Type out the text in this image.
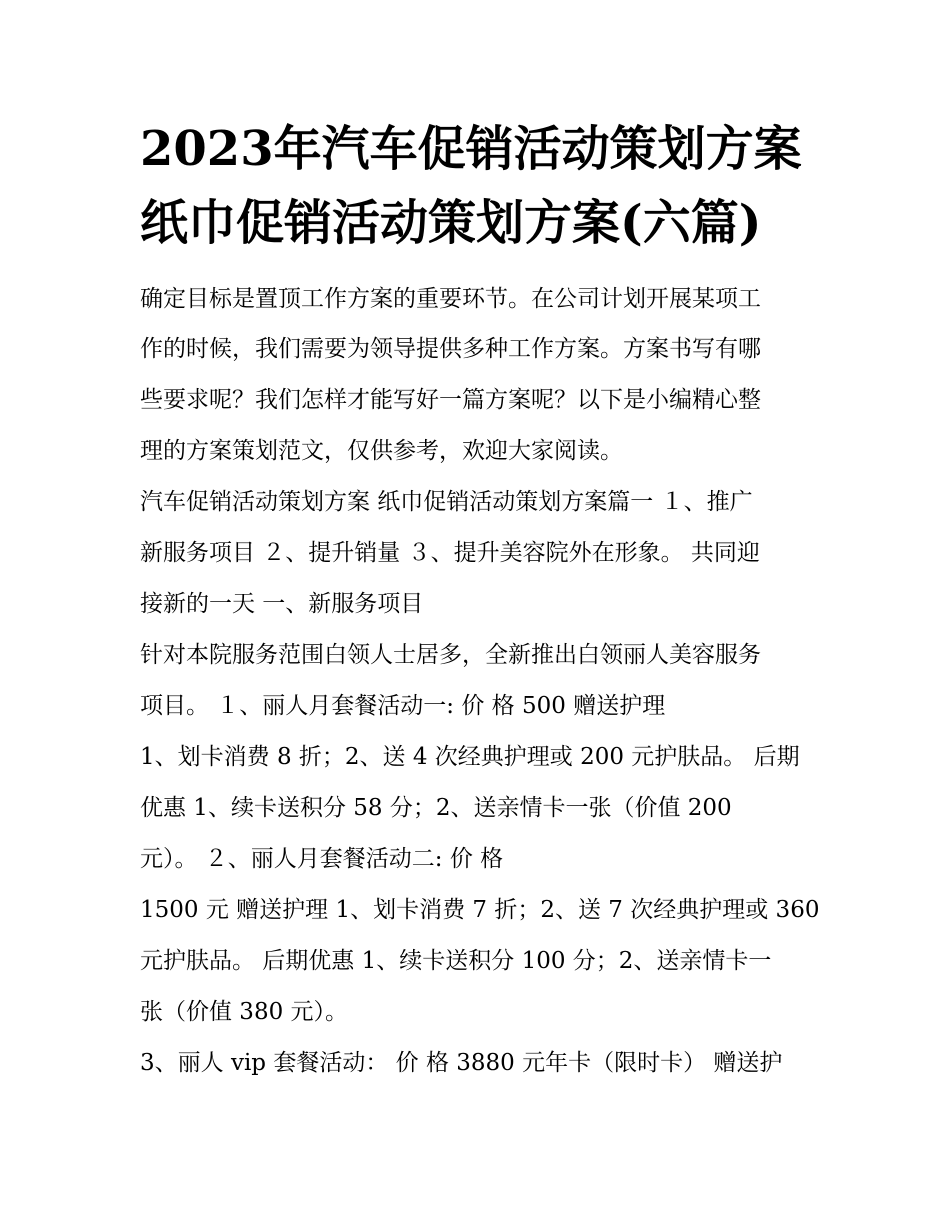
2023年汽车促销活动策划方案
纸巾促销活动策划方案(六篇)

确定目标是置顶工作方案的重要环节。在公司计划开展某项工

作的时候，我们需要为领导提供多种工作方案。方案书写有哪

些要求呢？我们怎样才能写好一篇方案呢？以下是小编精心整

理的方案策划范文，仅供参考，欢迎大家阅读。

汽车促销活动策划方案 纸巾促销活动策划方案篇一 １、推广

新服务项目 ２、提升销量 ３、提升美容院外在形象。 共同迎

接新的一天 一、新服务项目

针对本院服务范围白领人士居多，全新推出白领丽人美容服务

项目。 １、丽人月套餐活动一: 价 格 500 赠送护理

1、划卡消费 8 折；2、送 4 次经典护理或 200 元护肤品。 后期

优惠 1、续卡送积分 58 分；2、送亲情卡一张（价值 200

元）。 ２、丽人月套餐活动二: 价 格

1500 元 赠送护理 1、划卡消费 7 折；2、送 7 次经典护理或 360

元护肤品。 后期优惠 1、续卡送积分 100 分；2、送亲情卡一

张（价值 380 元）。

3、丽人 vip 套餐活动： 价 格 3880 元年卡（限时卡） 赠送护
